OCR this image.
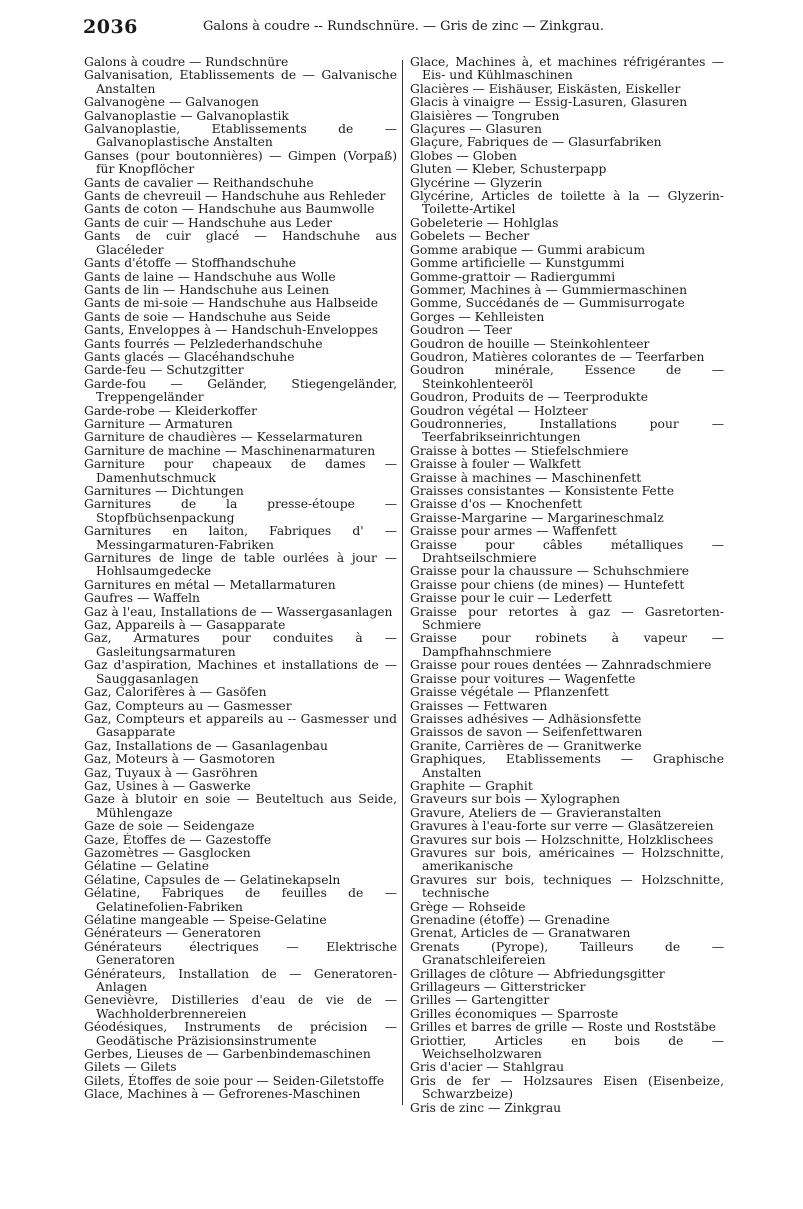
2036	Galons à coudre -- Rundschnüre. — Gris de zinc — Zinkgrau.
Galons à coudre — Rundschnüre
Galvanisation, Etablissements de — Galvanische Anstalten
Galvanogène — Galvanogen
Galvanoplastie — Galvanoplastik
Galvanoplastie, Etablissements de — Galvanoplastische Anstalten
Ganses (pour boutonnières) — Gimpen (Vorpaß) für Knopflöcher
Gants de cavalier — Reithandschuhe
Gants de chevreuil — Handschuhe aus Rehleder
Gants de coton — Handschuhe aus Baumwolle
Gants de cuir — Handschuhe aus Leder
Gants de cuir glacé — Handschuhe aus Glacéleder
Gants d'étoffe — Stoffhandschuhe
Gants de laine — Handschuhe aus Wolle
Gants de lin — Handschuhe aus Leinen
Gants de mi-soie — Handschuhe aus Halbseide
Gants de soie — Handschuhe aus Seide
Gants, Enveloppes à — Handschuh-Enveloppes
Gants fourrés — Pelzlederhandschuhe
Gants glacés — Glacéhandschuhe
Garde-feu — Schutzgitter
Garde-fou — Geländer, Stiegengeländer, Treppengeländer
Garde-robe — Kleiderkoffer
Garniture — Armaturen
Garniture de chaudières — Kesselarmaturen
Garniture de machine — Maschinenarmaturen
Garniture pour chapeaux de dames — Damenhutschmuck
Garnitures — Dichtungen
Garnitures de la presse-étoupe — Stopfbüchsenpackung
Garnitures en laiton, Fabriques d' — Messingarmaturen-Fabriken
Garnitures de linge de table ourlées à jour — Hohlsaumgedecke
Garnitures en métal — Metallarmaturen
Gaufres — Waffeln
Gaz à l'eau, Installations de — Wassergasanlagen
Gaz, Appareils à — Gasapparate
Gaz, Armatures pour conduites à — Gasleitungsarmaturen
Gaz d'aspiration, Machines et installations de — Sauggasanlagen
Gaz, Calorifères à — Gasöfen
Gaz, Compteurs au — Gasmesser
Gaz, Compteurs et appareils au -- Gasmesser und Gasapparate
Gaz, Installations de — Gasanlagenbau
Gaz, Moteurs à — Gasmotoren
Gaz, Tuyaux à — Gasröhren
Gaz, Usines à — Gaswerke
Gaze à blutoir en soie — Beuteltuch aus Seide, Mühlengaze
Gaze de soie — Seidengaze
Gaze, Étoffes de — Gazestoffe
Gazomètres — Gasglocken
Gélatine — Gelatine
Gélatine, Capsules de — Gelatinekapseln
Gélatine, Fabriques de feuilles de — Gelatinefolien-Fabriken
Gélatine mangeable — Speise-Gelatine
Générateurs — Generatoren
Générateurs électriques — Elektrische Generatoren
Générateurs, Installation de — Generatoren-Anlagen
Genevièvre, Distilleries d'eau de vie de — Wachholderbrennereien
Géodésiques, Instruments de précision — Geodätische Präzisionsinstrumente
Gerbes, Lieuses de — Garbenbindemaschinen
Gilets — Gilets
Gilets, Étoffes de soie pour — Seiden-Giletstoffe
Glace, Machines à — Gefrorenes-Maschinen
Glace, Machines à, et machines réfrigérantes — Eis- und Kühlmaschinen
Glacières — Eishäuser, Eiskästen, Eiskeller
Glacis à vinaigre — Essig-Lasuren, Glasuren
Glaisières — Tongruben
Glaçures — Glasuren
Glaçure, Fabriques de — Glasurfabriken
Globes — Globen
Gluten — Kleber, Schusterpapp
Glycérine — Glyzerin
Glycérine, Articles de toilette à la — Glyzerin-Toilette-Artikel
Gobeleterie — Hohlglas
Gobelets — Becher
Gomme arabique — Gummi arabicum
Gomme artificielle — Kunstgummi
Gomme-grattoir — Radiergummi
Gommer, Machines à — Gummiermaschinen
Gomme, Succédanés de — Gummisurrogate
Gorges — Kehlleisten
Goudron — Teer
Goudron de houille — Steinkohlenteer
Goudron, Matières colorantes de — Teerfarben
Goudron minérale, Essence de — Steinkohlenteeröl
Goudron, Produits de — Teerprodukte
Goudron végétal — Holzteer
Goudronneries, Installations pour — Teerfabrikseinrichtungen
Graisse à bottes — Stiefelschmiere
Graisse à fouler — Walkfett
Graisse à machines — Maschinenfett
Graisses consistantes — Konsistente Fette
Graisse d'os — Knochenfett
Graisse-Margarine — Margarineschmalz
Graisse pour armes — Waffenfett
Graisse pour câbles métalliques — Drahtseilschmiere
Graisse pour la chaussure — Schuhschmiere
Graisse pour chiens (de mines) — Huntefett
Graisse pour le cuir — Lederfett
Graisse pour retortes à gaz — Gasretorten-Schmiere
Graisse pour robinets à vapeur — Dampfhahnschmiere
Graisse pour roues dentées — Zahnradschmiere
Graisse pour voitures — Wagenfette
Graisse végétale — Pflanzenfett
Graisses — Fettwaren
Graisses adhésives — Adhäsionsfette
Graissos de savon — Seifenfettwaren
Granite, Carrières de — Granitwerke
Graphiques, Etablissements — Graphische Anstalten
Graphite — Graphit
Graveurs sur bois — Xylographen
Gravure, Ateliers de — Gravieranstalten
Gravures à l'eau-forte sur verre — Glasätzereien
Gravures sur bois — Holzschnitte, Holzklischees
Gravures sur bois, américaines — Holzschnitte, amerikanische
Gravures sur bois, techniques — Holzschnitte, technische
Grège — Rohseide
Grenadine (étoffe) — Grenadine
Grenat, Articles de — Granatwaren
Grenats (Pyrope), Tailleurs de — Granatschleifereien
Grillages de clôture — Abfriedungsgitter
Grillageurs — Gitterstricker
Grilles — Gartengitter
Grilles économiques — Sparroste
Grilles et barres de grille — Roste und Roststäbe
Griottier, Articles en bois de — Weichselholzwaren
Gris d'acier — Stahlgrau
Gris de fer — Holzsaures Eisen (Eisenbeize, Schwarzbeize)
Gris de zinc — Zinkgrau
